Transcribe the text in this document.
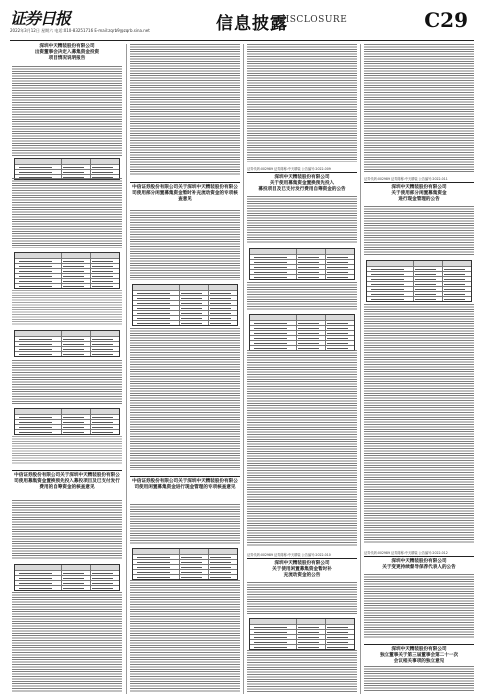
证券日报
2022年3月12日 星期六 电话:010-83251716 E-mail:zqrb9@zqrb.sina.net	信息披露
DISCLOSURE	C29
深圳中天精装股份有限公司
出资董事会决定入募集资金投资
项目情况说明报告
中信证券股份有限公司关于深圳中天精装股份有限公司使用募集资金置换预先投入募投项目及已支付发行费用的自筹资金的核查意见
中信证券股份有限公司关于深圳中天精装股份有限公司使用部分闲置募集资金暂时补充流动资金的专项核查意见
中信证券股份有限公司关于深圳中天精装股份有限公司使用闲置募集资金进行现金管理的专项核查意见
证券代码:002989 证券简称:中天精装 公告编号:2022-009
深圳中天精装股份有限公司
关于使用募集资金置换预先投入
募投项目及已支付发行费用自筹资金的公告
证券代码:002989 证券简称:中天精装 公告编号:2022-010
深圳中天精装股份有限公司
关于使用闲置募集资金暂时补
充流动资金的公告
证券代码:002989 证券简称:中天精装 公告编号:2022-011
深圳中天精装股份有限公司
关于使用部分闲置募集资金
进行现金管理的公告
证券代码:002989 证券简称:中天精装 公告编号:2022-012
深圳中天精装股份有限公司
关于变更持续督导保荐代表人的公告
深圳中天精装股份有限公司
独立董事关于第三届董事会第二十一次
会议相关事项的独立意见
